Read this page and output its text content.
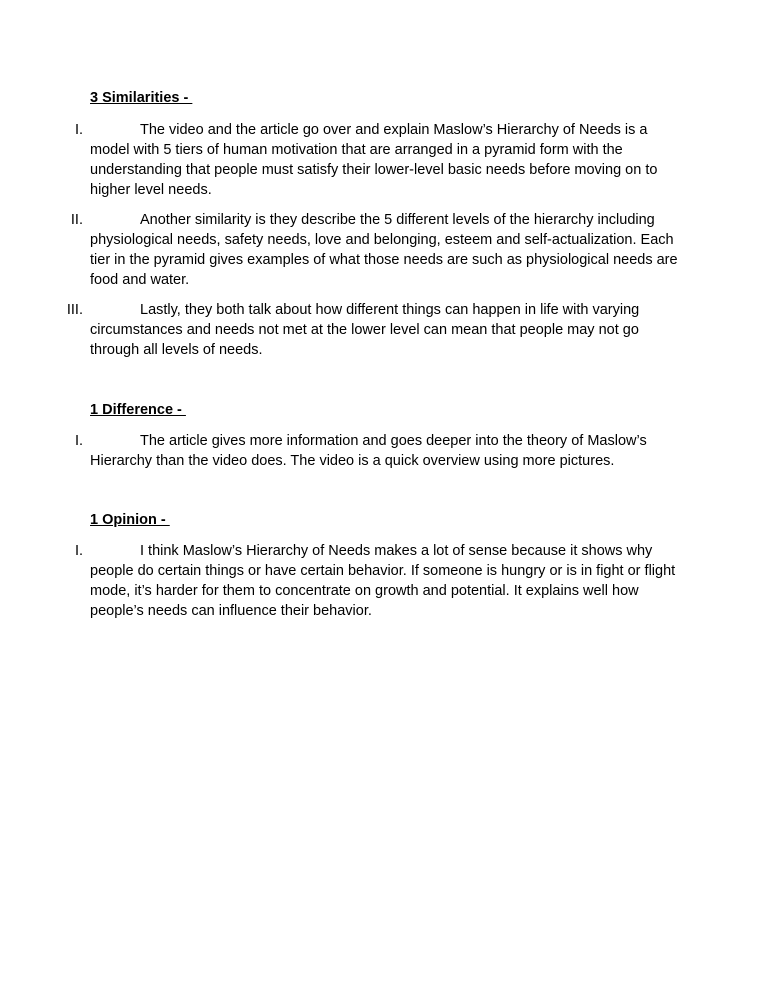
3 Similarities -
I.	The video and the article go over and explain Maslow’s Hierarchy of Needs is a model with 5 tiers of human motivation that are arranged in a pyramid form with the understanding that people must satisfy their lower-level basic needs before moving on to higher level needs.
II.	Another similarity is they describe the 5 different levels of the hierarchy including physiological needs, safety needs, love and belonging, esteem and self-actualization. Each tier in the pyramid gives examples of what those needs are such as physiological needs are food and water.
III.	Lastly, they both talk about how different things can happen in life with varying circumstances and needs not met at the lower level can mean that people may not go through all levels of needs.
1 Difference -
I.	The article gives more information and goes deeper into the theory of Maslow’s Hierarchy than the video does. The video is a quick overview using more pictures.
1 Opinion -
I.	I think Maslow’s Hierarchy of Needs makes a lot of sense because it shows why people do certain things or have certain behavior. If someone is hungry or is in fight or flight mode, it’s harder for them to concentrate on growth and potential. It explains well how people’s needs can influence their behavior.
